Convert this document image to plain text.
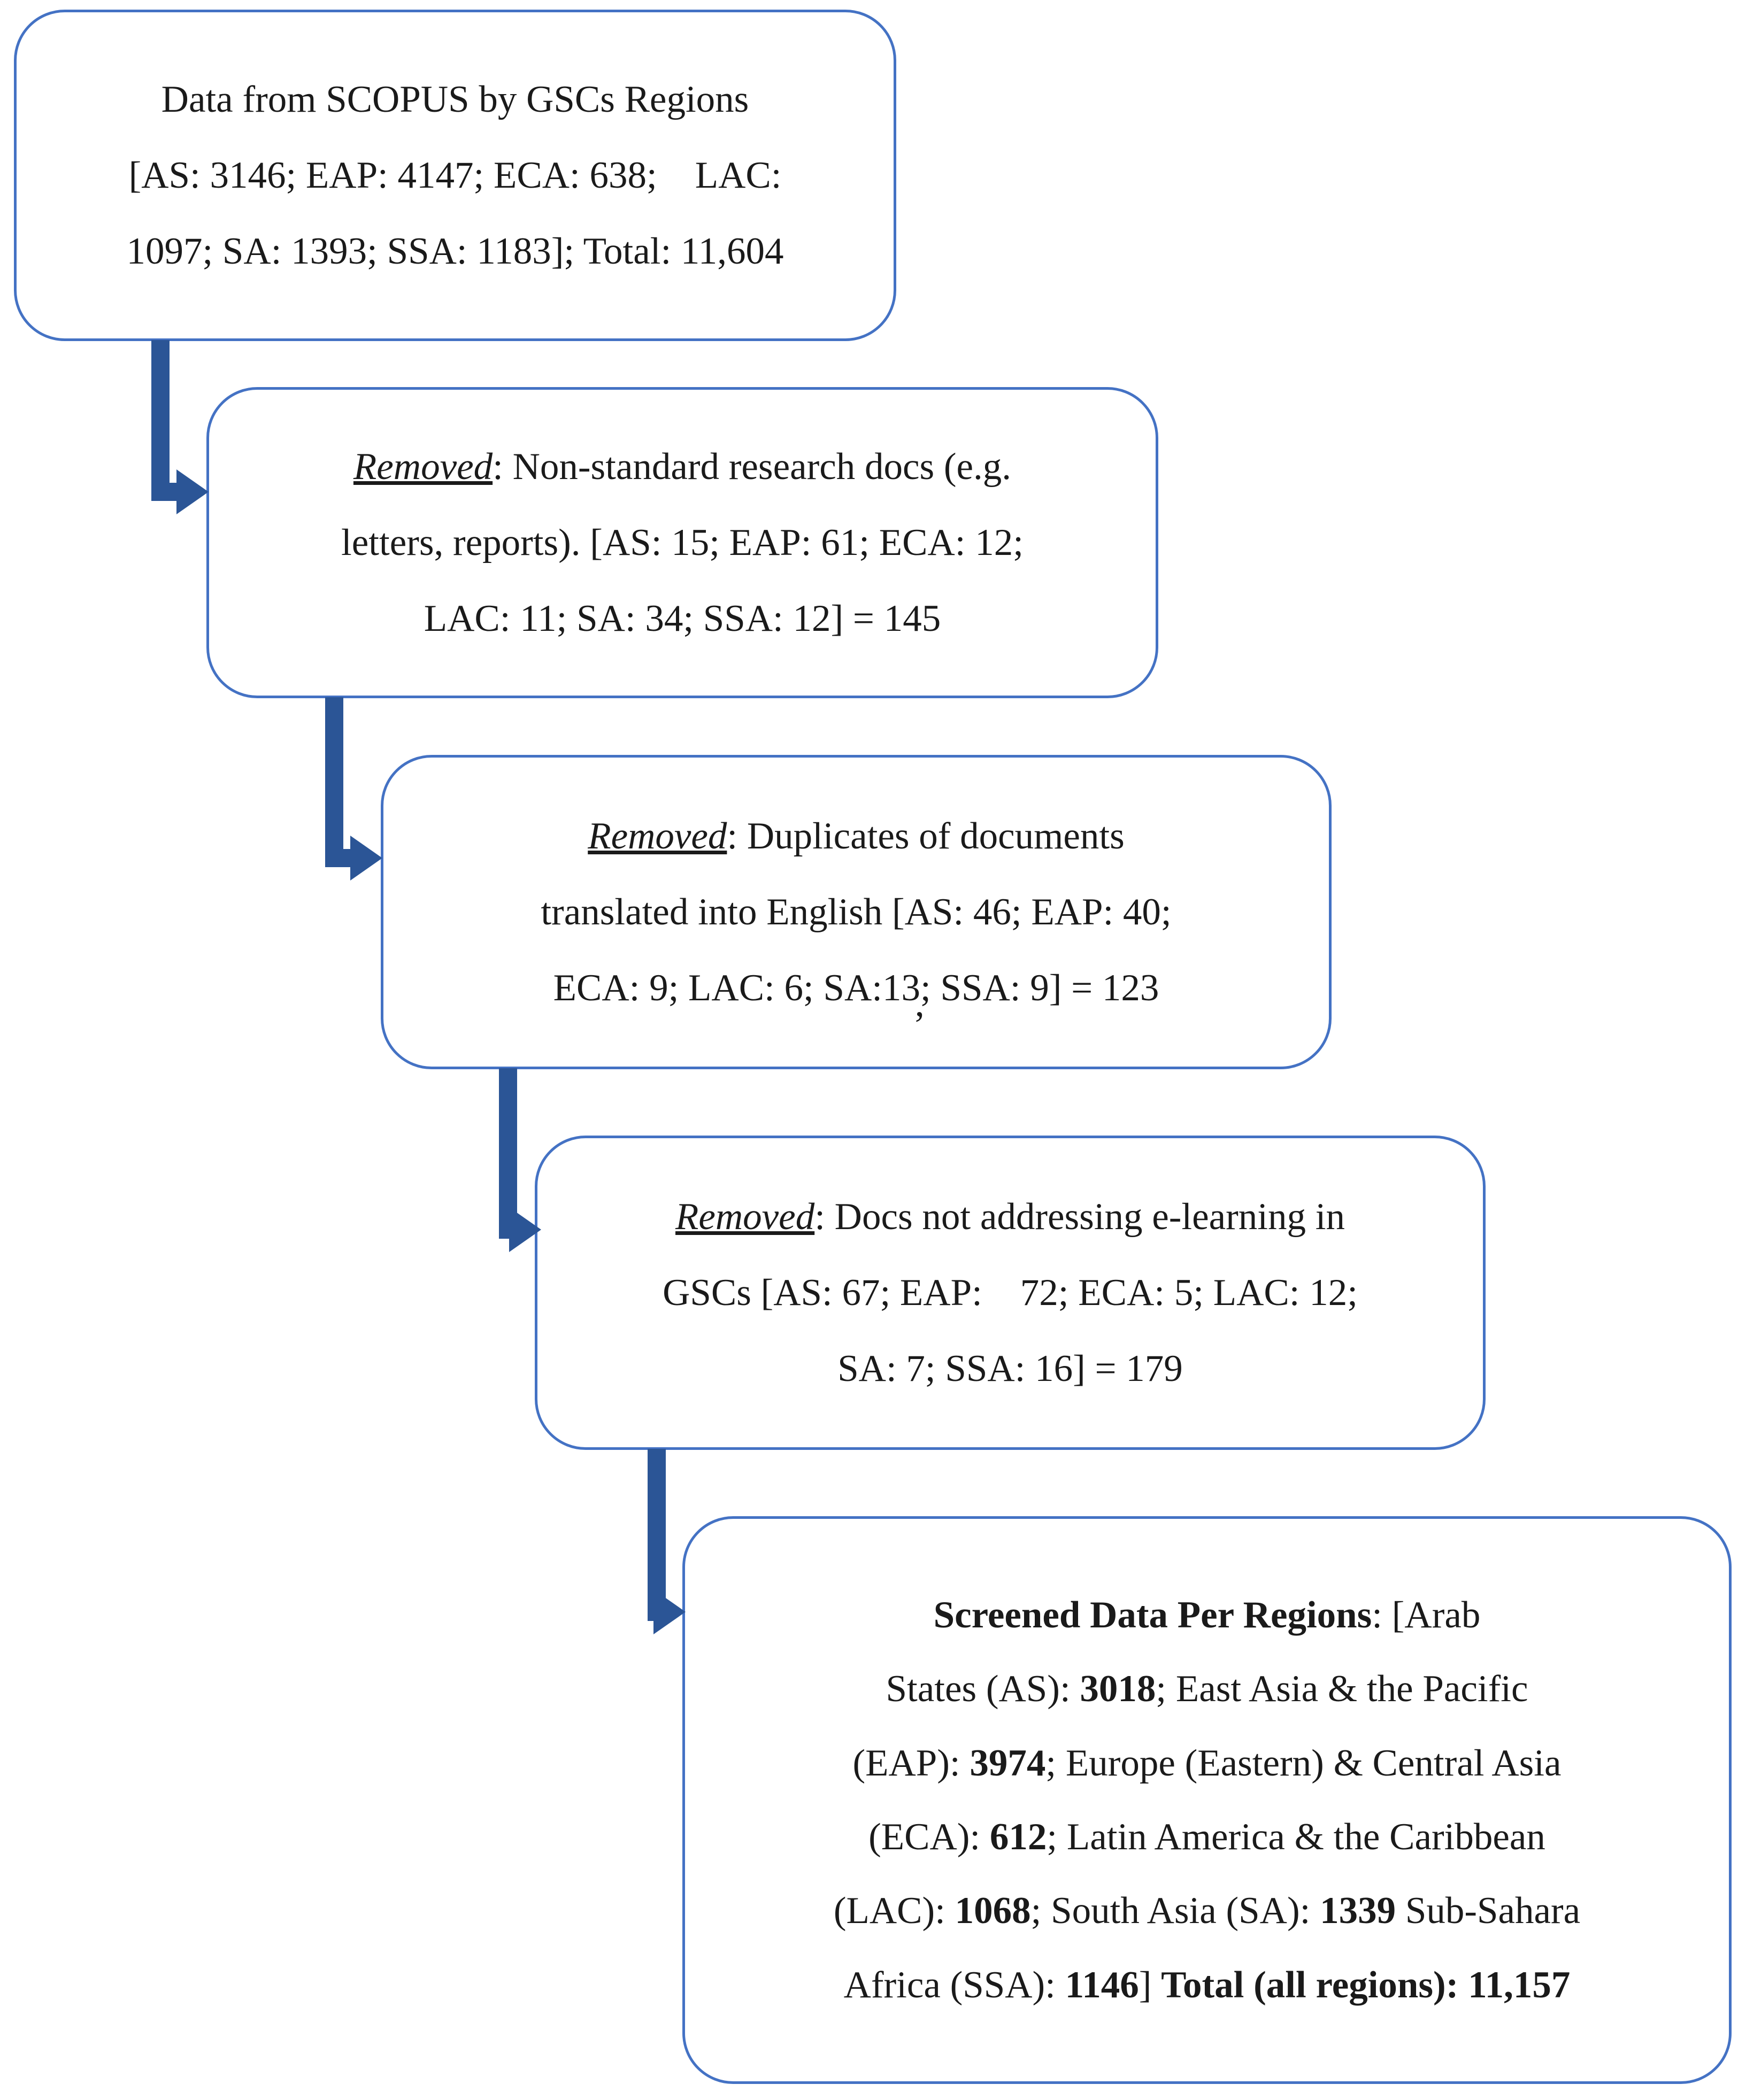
Data from SCOPUS by GSCs Regions
[AS: 3146; EAP: 4147; ECA: 638;    LAC:
1097; SA: 1393; SSA: 1183]; Total: 11,604
Removed: Non-standard research docs (e.g.
letters, reports). [AS: 15; EAP: 61; ECA: 12;
LAC: 11; SA: 34; SSA: 12] = 145
Removed: Duplicates of documents
translated into English [AS: 46; EAP: 40;
ECA: 9; LAC: 6; SA:13; SSA: 9] = 123
’
Removed: Docs not addressing e-learning in
GSCs [AS: 67; EAP:    72; ECA: 5; LAC: 12;
SA: 7; SSA: 16] = 179
Screened Data Per Regions: [Arab
States (AS): 3018; East Asia & the Pacific
(EAP): 3974; Europe (Eastern) & Central Asia
(ECA): 612; Latin America & the Caribbean
(LAC): 1068; South Asia (SA): 1339 Sub-Sahara
Africa (SSA): 1146] Total (all regions): 11,157
